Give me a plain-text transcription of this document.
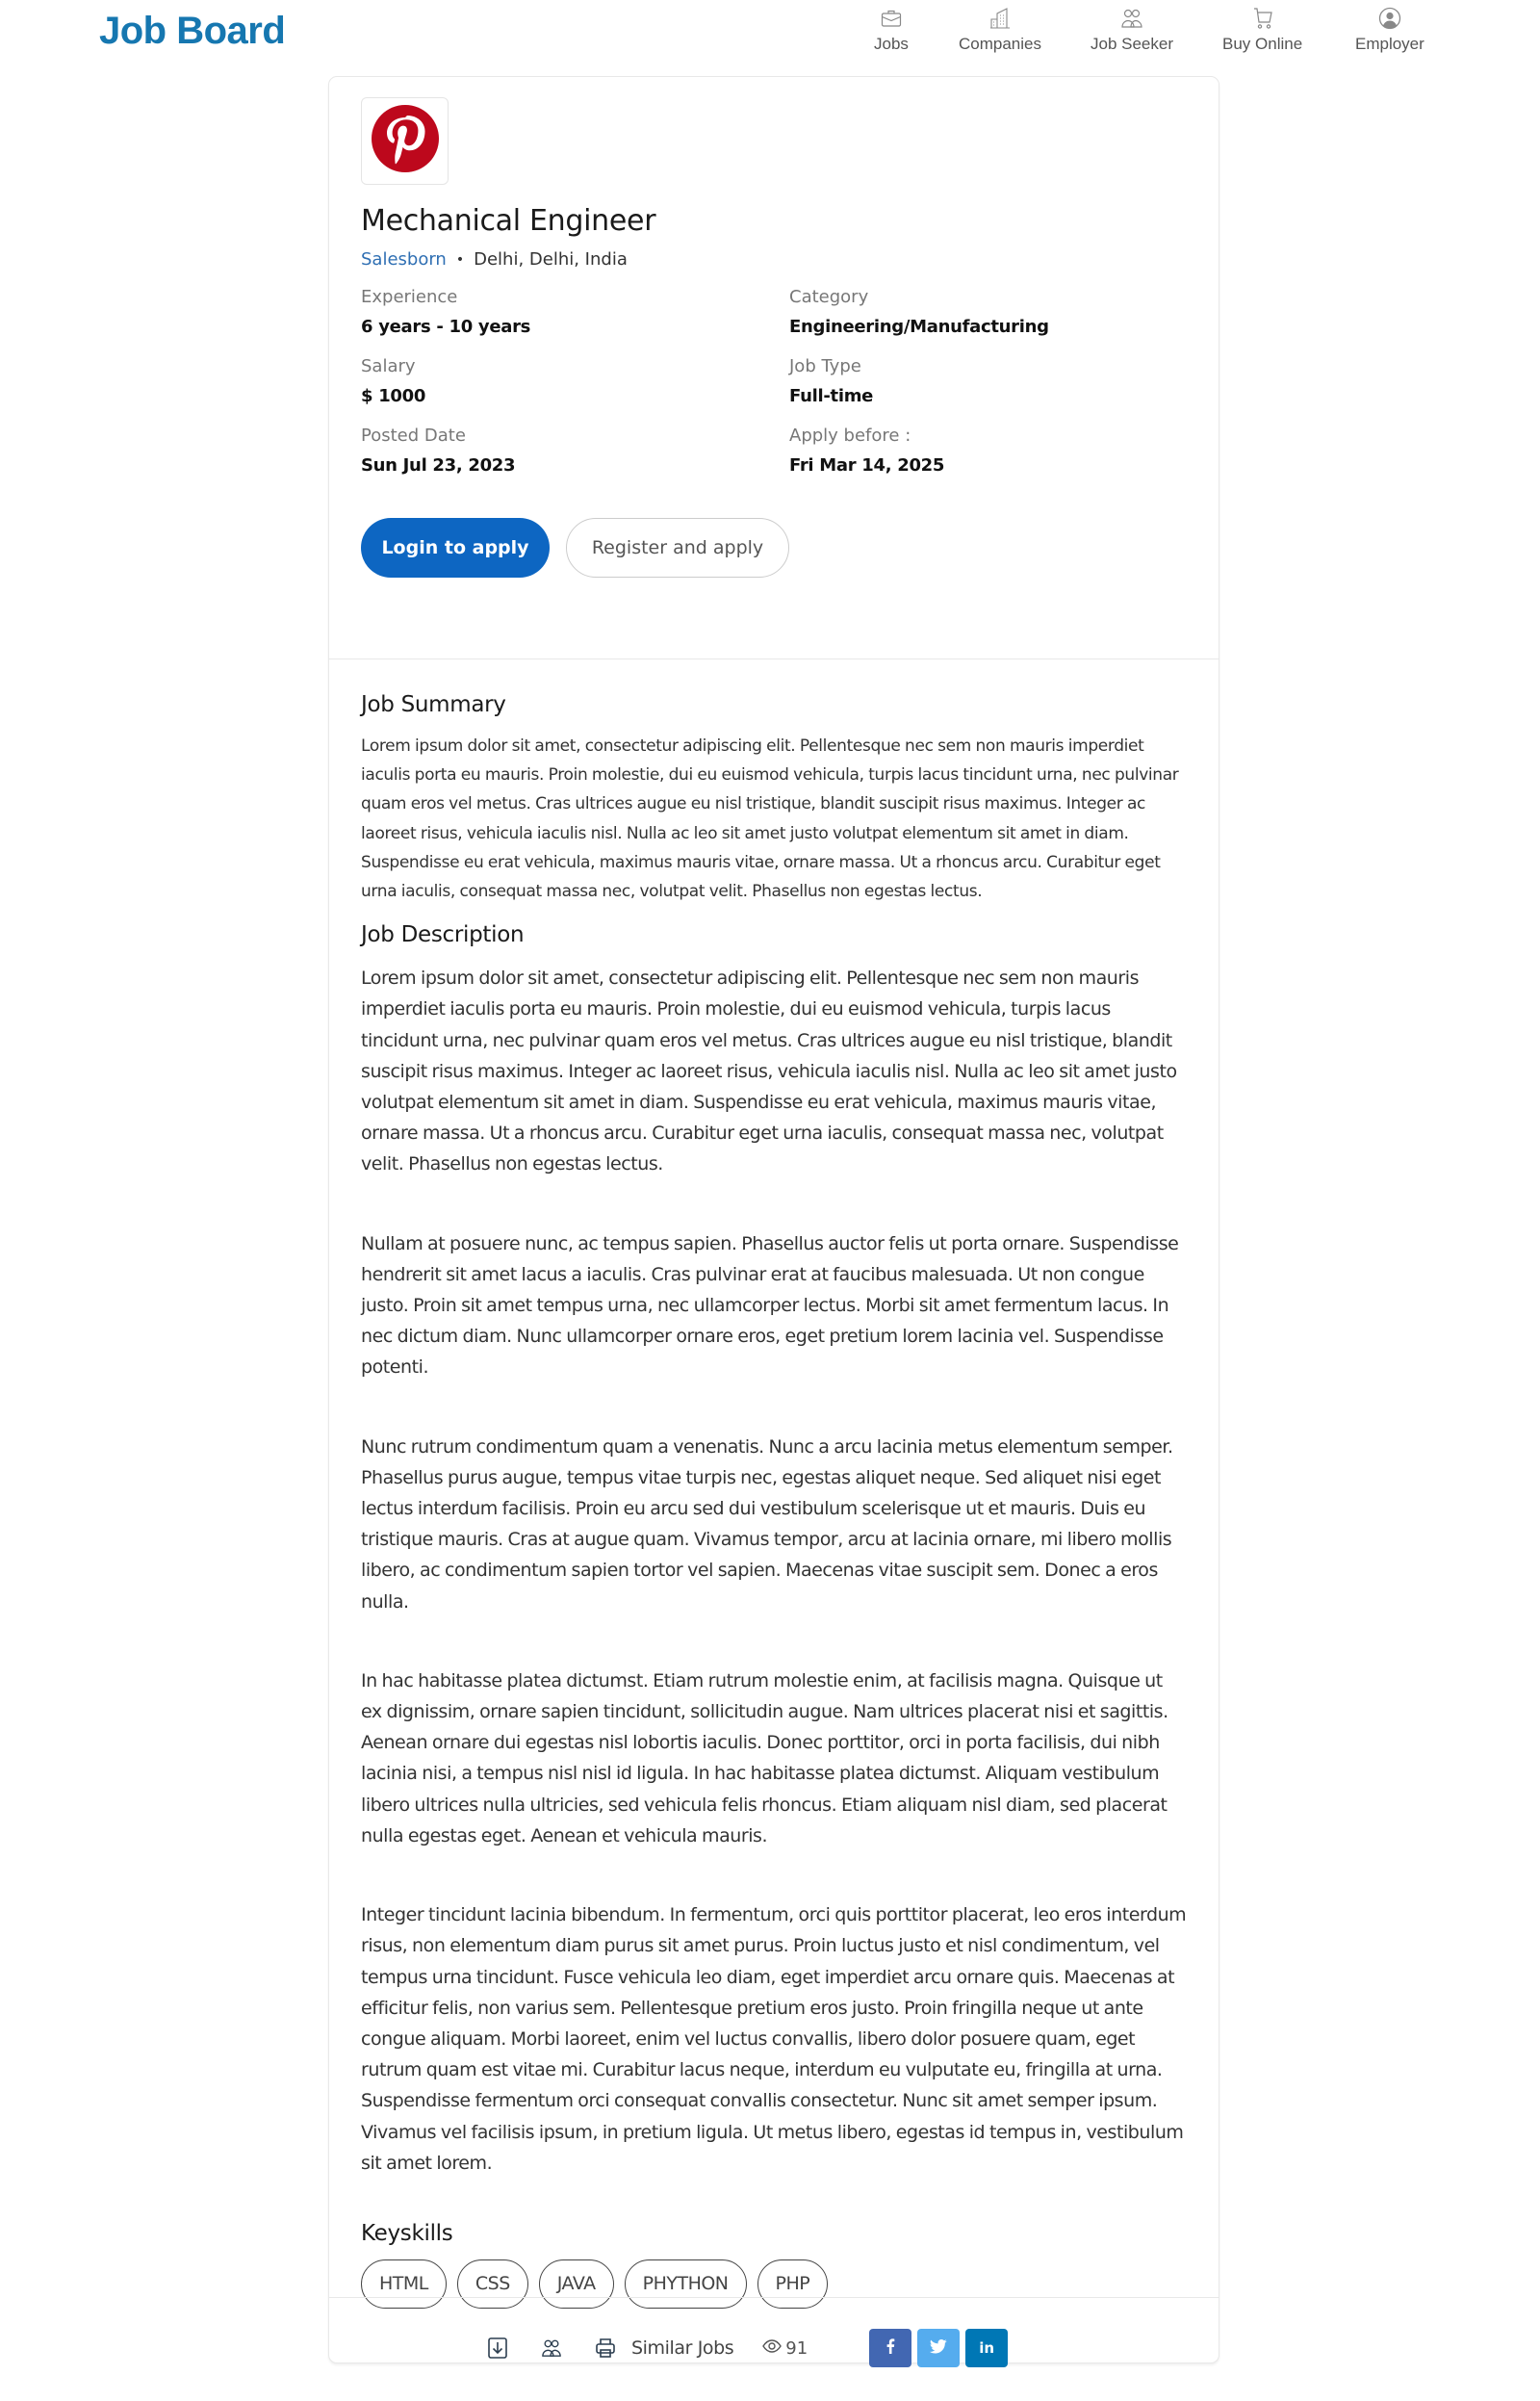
Job Board	Jobs	Companies	Job Seeker	Buy Online	Employer
Mechanical Engineer
Salesborn • Delhi, Delhi, India
Experience
6 years - 10 years
Category
Engineering/Manufacturing
Salary
$ 1000
Job Type
Full-time
Posted Date
Sun Jul 23, 2023
Apply before :
Fri Mar 14, 2025
Login to apply	Register and apply
Job Summary

Lorem ipsum dolor sit amet, consectetur adipiscing elit. Pellentesque nec sem non mauris imperdiet iaculis porta eu mauris. Proin molestie, dui eu euismod vehicula, turpis lacus tincidunt urna, nec pulvinar quam eros vel metus. Cras ultrices augue eu nisl tristique, blandit suscipit risus maximus. Integer ac laoreet risus, vehicula iaculis nisl. Nulla ac leo sit amet justo volutpat elementum sit amet in diam. Suspendisse eu erat vehicula, maximus mauris vitae, ornare massa. Ut a rhoncus arcu. Curabitur eget urna iaculis, consequat massa nec, volutpat velit. Phasellus non egestas lectus.

Job Description

Lorem ipsum dolor sit amet, consectetur adipiscing elit. Pellentesque nec sem non mauris imperdiet iaculis porta eu mauris. Proin molestie, dui eu euismod vehicula, turpis lacus tincidunt urna, nec pulvinar quam eros vel metus. Cras ultrices augue eu nisl tristique, blandit suscipit risus maximus. Integer ac laoreet risus, vehicula iaculis nisl. Nulla ac leo sit amet justo volutpat elementum sit amet in diam. Suspendisse eu erat vehicula, maximus mauris vitae, ornare massa. Ut a rhoncus arcu. Curabitur eget urna iaculis, consequat massa nec, volutpat velit. Phasellus non egestas lectus.

Nullam at posuere nunc, ac tempus sapien. Phasellus auctor felis ut porta ornare. Suspendisse hendrerit sit amet lacus a iaculis. Cras pulvinar erat at faucibus malesuada. Ut non congue justo. Proin sit amet tempus urna, nec ullamcorper lectus. Morbi sit amet fermentum lacus. In nec dictum diam. Nunc ullamcorper ornare eros, eget pretium lorem lacinia vel. Suspendisse potenti.

Nunc rutrum condimentum quam a venenatis. Nunc a arcu lacinia metus elementum semper. Phasellus purus augue, tempus vitae turpis nec, egestas aliquet neque. Sed aliquet nisi eget lectus interdum facilisis. Proin eu arcu sed dui vestibulum scelerisque ut et mauris. Duis eu tristique mauris. Cras at augue quam. Vivamus tempor, arcu at lacinia ornare, mi libero mollis libero, ac condimentum sapien tortor vel sapien. Maecenas vitae suscipit sem. Donec a eros nulla.

In hac habitasse platea dictumst. Etiam rutrum molestie enim, at facilisis magna. Quisque ut ex dignissim, ornare sapien tincidunt, sollicitudin augue. Nam ultrices placerat nisi et sagittis. Aenean ornare dui egestas nisl lobortis iaculis. Donec porttitor, orci in porta facilisis, dui nibh lacinia nisi, a tempus nisl nisl id ligula. In hac habitasse platea dictumst. Aliquam vestibulum libero ultrices nulla ultricies, sed vehicula felis rhoncus. Etiam aliquam nisl diam, sed placerat nulla egestas eget. Aenean et vehicula mauris.

Integer tincidunt lacinia bibendum. In fermentum, orci quis porttitor placerat, leo eros interdum risus, non elementum diam purus sit amet purus. Proin luctus justo et nisl condimentum, vel tempus urna tincidunt. Fusce vehicula leo diam, eget imperdiet arcu ornare quis. Maecenas at efficitur felis, non varius sem. Pellentesque pretium eros justo. Proin fringilla neque ut ante congue aliquam. Morbi laoreet, enim vel luctus convallis, libero dolor posuere quam, eget rutrum quam est vitae mi. Curabitur lacus neque, interdum eu vulputate eu, fringilla at urna. Suspendisse fermentum orci consequat convallis consectetur. Nunc sit amet semper ipsum. Vivamus vel facilisis ipsum, in pretium ligula. Ut metus libero, egestas id tempus in, vestibulum sit amet lorem.

Keyskills
HTML	CSS	JAVA	PHYTHON	PHP
Similar Jobs	91	in
